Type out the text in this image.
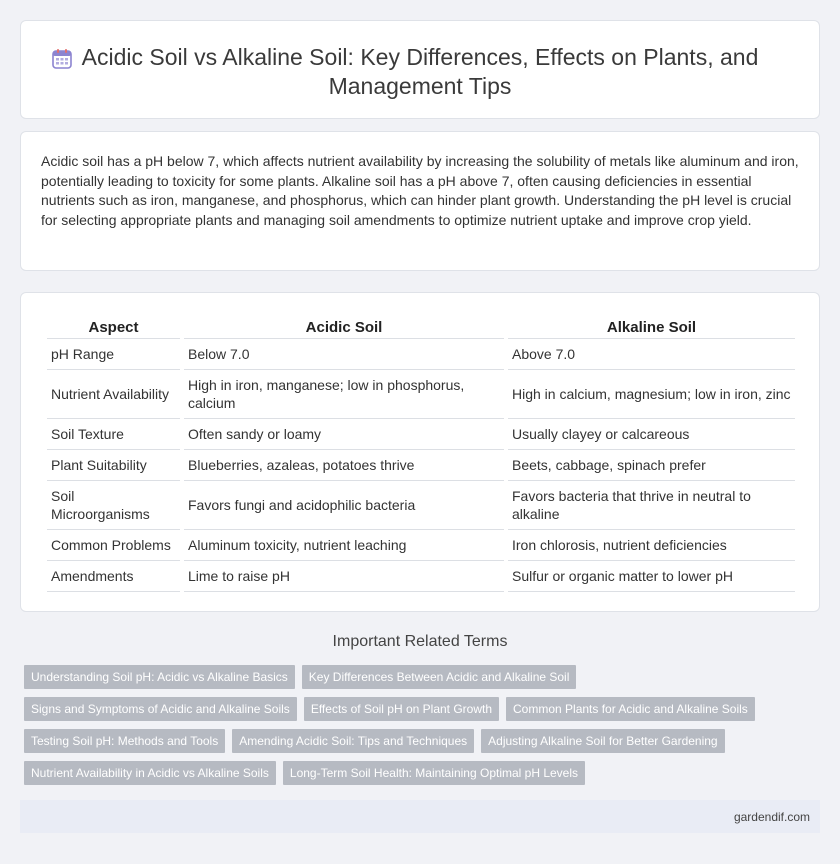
Acidic Soil vs Alkaline Soil: Key Differences, Effects on Plants, and Management Tips

Acidic soil has a pH below 7, which affects nutrient availability by increasing the solubility of metals like aluminum and iron, potentially leading to toxicity for some plants. Alkaline soil has a pH above 7, often causing deficiencies in essential nutrients such as iron, manganese, and phosphorus, which can hinder plant growth. Understanding the pH level is crucial for selecting appropriate plants and managing soil amendments to optimize nutrient uptake and improve crop yield.

Aspect	Acidic Soil	Alkaline Soil
pH Range	Below 7.0	Above 7.0
Nutrient Availability	High in iron, manganese; low in phosphorus, calcium	High in calcium, magnesium; low in iron, zinc
Soil Texture	Often sandy or loamy	Usually clayey or calcareous
Plant Suitability	Blueberries, azaleas, potatoes thrive	Beets, cabbage, spinach prefer
Soil Microorganisms	Favors fungi and acidophilic bacteria	Favors bacteria that thrive in neutral to alkaline
Common Problems	Aluminum toxicity, nutrient leaching	Iron chlorosis, nutrient deficiencies
Amendments	Lime to raise pH	Sulfur or organic matter to lower pH
Important Related Terms
Understanding Soil pH: Acidic vs Alkaline Basics	Key Differences Between Acidic and Alkaline Soil
Signs and Symptoms of Acidic and Alkaline Soils	Effects of Soil pH on Plant Growth	Common Plants for Acidic and Alkaline Soils
Testing Soil pH: Methods and Tools	Amending Acidic Soil: Tips and Techniques	Adjusting Alkaline Soil for Better Gardening
Nutrient Availability in Acidic vs Alkaline Soils	Long-Term Soil Health: Maintaining Optimal pH Levels
gardendif.com
